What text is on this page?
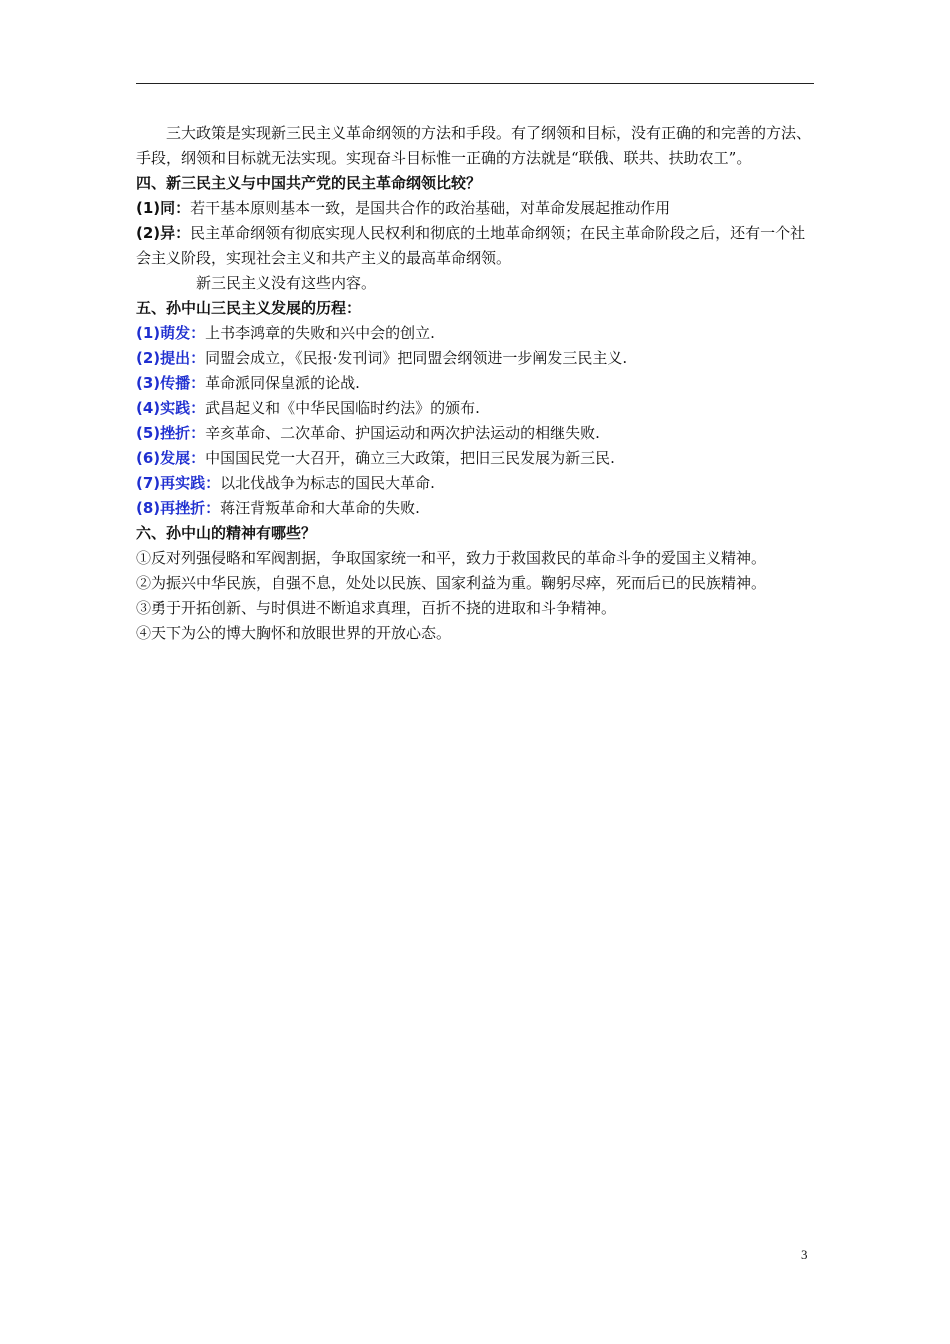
三大政策是实现新三民主义革命纲领的方法和手段。有了纲领和目标，没有正确的和完善的方法、手段，纲领和目标就无法实现。实现奋斗目标惟一正确的方法就是“联俄、联共、扶助农工”。

四、新三民主义与中国共产党的民主革命纲领比较？

(1)同：若干基本原则基本一致，是国共合作的政治基础，对革命发展起推动作用

(2)异：民主革命纲领有彻底实现人民权利和彻底的土地革命纲领；在民主革命阶段之后，还有一个社会主义阶段，实现社会主义和共产主义的最高革命纲领。

新三民主义没有这些内容。

五、孙中山三民主义发展的历程：

(1)萌发：上书李鸿章的失败和兴中会的创立.

(2)提出：同盟会成立，《民报·发刊词》把同盟会纲领进一步阐发三民主义.

(3)传播：革命派同保皇派的论战.

(4)实践：武昌起义和《中华民国临时约法》的颁布.

(5)挫折：辛亥革命、二次革命、护国运动和两次护法运动的相继失败.

(6)发展：中国国民党一大召开，确立三大政策，把旧三民发展为新三民.

(7)再实践：以北伐战争为标志的国民大革命.

(8)再挫折：蒋汪背叛革命和大革命的失败.

六、孙中山的精神有哪些？

①反对列强侵略和军阀割据，争取国家统一和平，致力于救国救民的革命斗争的爱国主义精神。

②为振兴中华民族，自强不息，处处以民族、国家利益为重。鞠躬尽瘁，死而后已的民族精神。

③勇于开拓创新、与时俱进不断追求真理，百折不挠的进取和斗争精神。

④天下为公的博大胸怀和放眼世界的开放心态。

3
